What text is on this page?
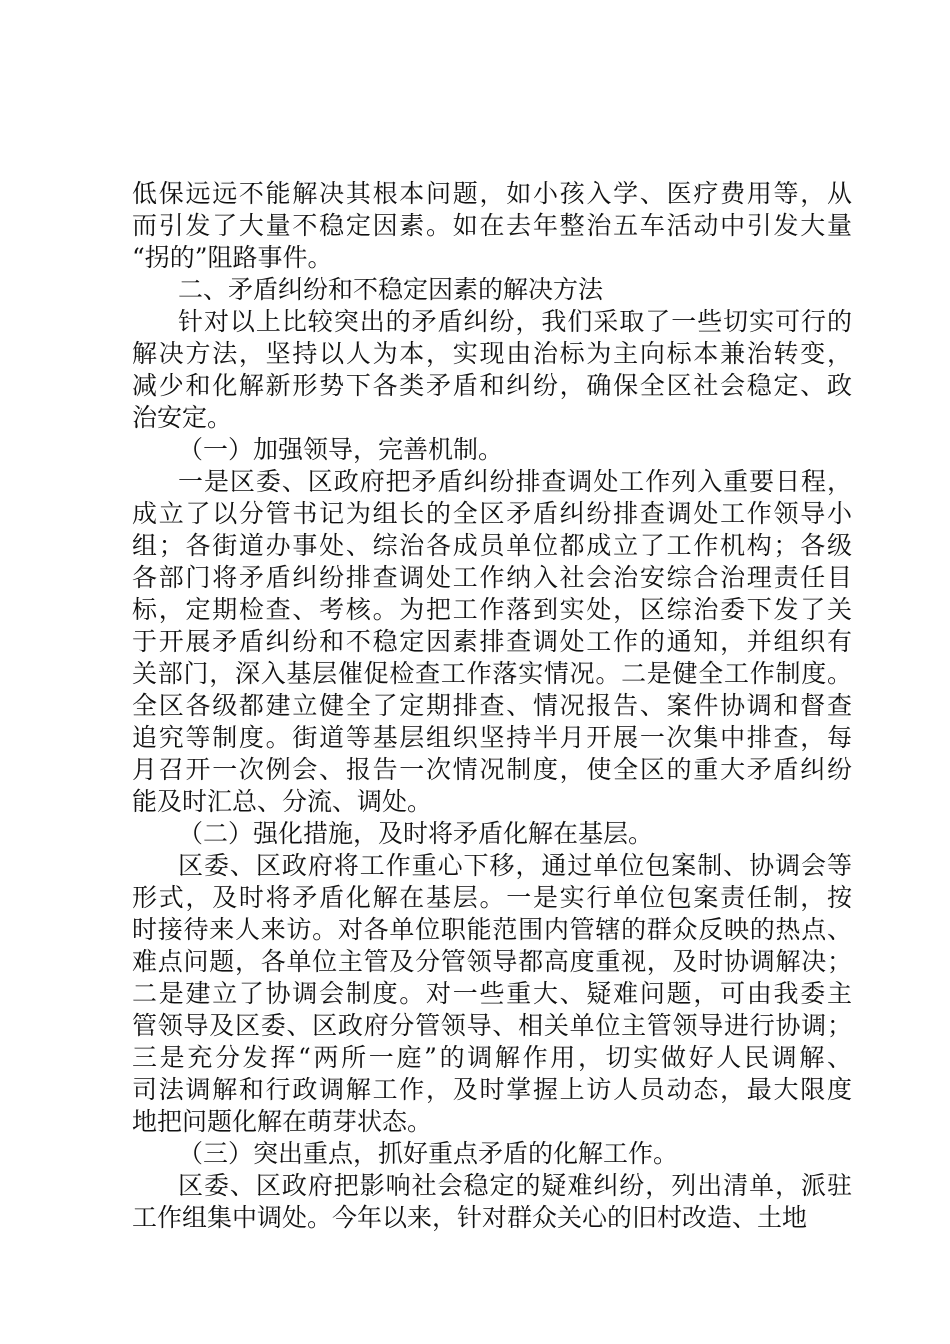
低保远远不能解决其根本问题，如小孩入学、医疗费用等，从
而引发了大量不稳定因素。如在去年整治五车活动中引发大量
“拐的”阻路事件。
二、矛盾纠纷和不稳定因素的解决方法
针对以上比较突出的矛盾纠纷，我们采取了一些切实可行的
解决方法，坚持以人为本，实现由治标为主向标本兼治转变，
减少和化解新形势下各类矛盾和纠纷，确保全区社会稳定、政
治安定。
（一）加强领导，完善机制。
一是区委、区政府把矛盾纠纷排查调处工作列入重要日程，
成立了以分管书记为组长的全区矛盾纠纷排查调处工作领导小
组；各街道办事处、综治各成员单位都成立了工作机构；各级
各部门将矛盾纠纷排查调处工作纳入社会治安综合治理责任目
标，定期检查、考核。为把工作落到实处，区综治委下发了关
于开展矛盾纠纷和不稳定因素排查调处工作的通知，并组织有
关部门，深入基层催促检查工作落实情况。二是健全工作制度。
全区各级都建立健全了定期排查、情况报告、案件协调和督查
追究等制度。街道等基层组织坚持半月开展一次集中排查，每
月召开一次例会、报告一次情况制度，使全区的重大矛盾纠纷
能及时汇总、分流、调处。
（二）强化措施，及时将矛盾化解在基层。
区委、区政府将工作重心下移，通过单位包案制、协调会等
形式，及时将矛盾化解在基层。一是实行单位包案责任制，按
时接待来人来访。对各单位职能范围内管辖的群众反映的热点、
难点问题，各单位主管及分管领导都高度重视，及时协调解决；
二是建立了协调会制度。对一些重大、疑难问题，可由我委主
管领导及区委、区政府分管领导、相关单位主管领导进行协调；
三是充分发挥“两所一庭”的调解作用，切实做好人民调解、
司法调解和行政调解工作，及时掌握上访人员动态，最大限度
地把问题化解在萌芽状态。
（三）突出重点，抓好重点矛盾的化解工作。
区委、区政府把影响社会稳定的疑难纠纷，列出清单，派驻
工作组集中调处。今年以来，针对群众关心的旧村改造、土地
